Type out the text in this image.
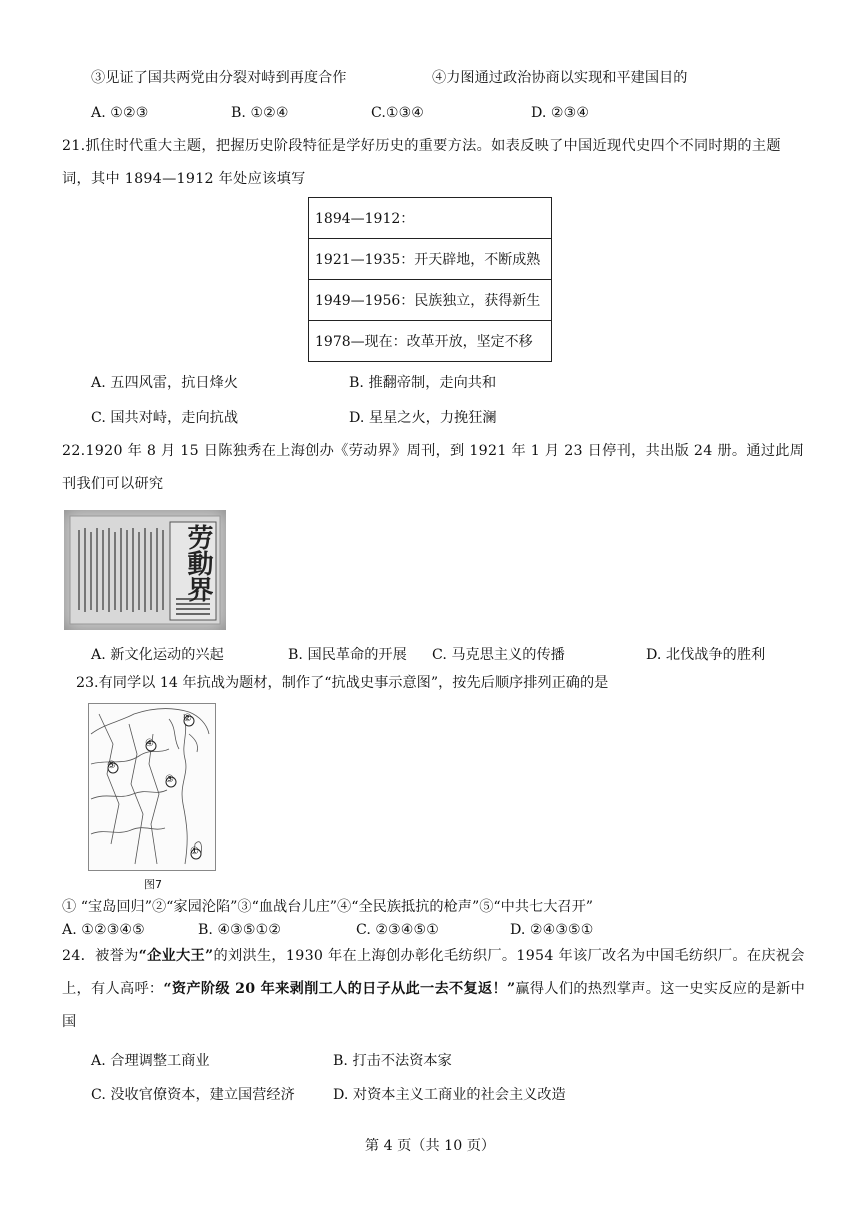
③见证了国共两党由分裂对峙到再度合作	④力图通过政治协商以实现和平建国目的
A. ①②③	B. ①②④	C.①③④	D. ②③④
21.抓住时代重大主题，把握历史阶段特征是学好历史的重要方法。如表反映了中国近现代史四个不同时期的主题词，其中 1894—1912 年处应该填写
1894—1912：
1921—1935：开天辟地，不断成熟
1949—1956：民族独立，获得新生
1978—现在：改革开放，坚定不移
A. 五四风雷，抗日烽火	B. 推翻帝制，走向共和
C. 国共对峙，走向抗战	D. 星星之火，力挽狂澜
22.1920 年 8 月 15 日陈独秀在上海创办《劳动界》周刊，到 1921 年 1 月 23 日停刊，共出版 24 册。通过此周刊我们可以研究
劳動界
A. 新文化运动的兴起	B. 国民革命的开展 C. 马克思主义的传播	D. 北伐战争的胜利
23.有同学以 14 年抗战为题材，制作了“抗战史事示意图”，按先后顺序排列正确的是
②
④
⑤
③
①
图7
① “宝岛回归”②“家园沦陷”③“血战台儿庄”④“全民族抵抗的枪声”⑤“中共七大召开”
A. ①②③④⑤	B. ④③⑤①②	C. ②③④⑤①	D. ②④③⑤①
24．被誉为“企业大王”的刘洪生，1930 年在上海创办彰化毛纺织厂。1954 年该厂改名为中国毛纺织厂。在庆祝会上，有人高呼：“资产阶级 20 年来剥削工人的日子从此一去不复返！”赢得人们的热烈掌声。这一史实反应的是新中国
A. 合理调整工商业	B. 打击不法资本家
C. 没收官僚资本，建立国营经济	D. 对资本主义工商业的社会主义改造
第 4 页（共 10 页）
